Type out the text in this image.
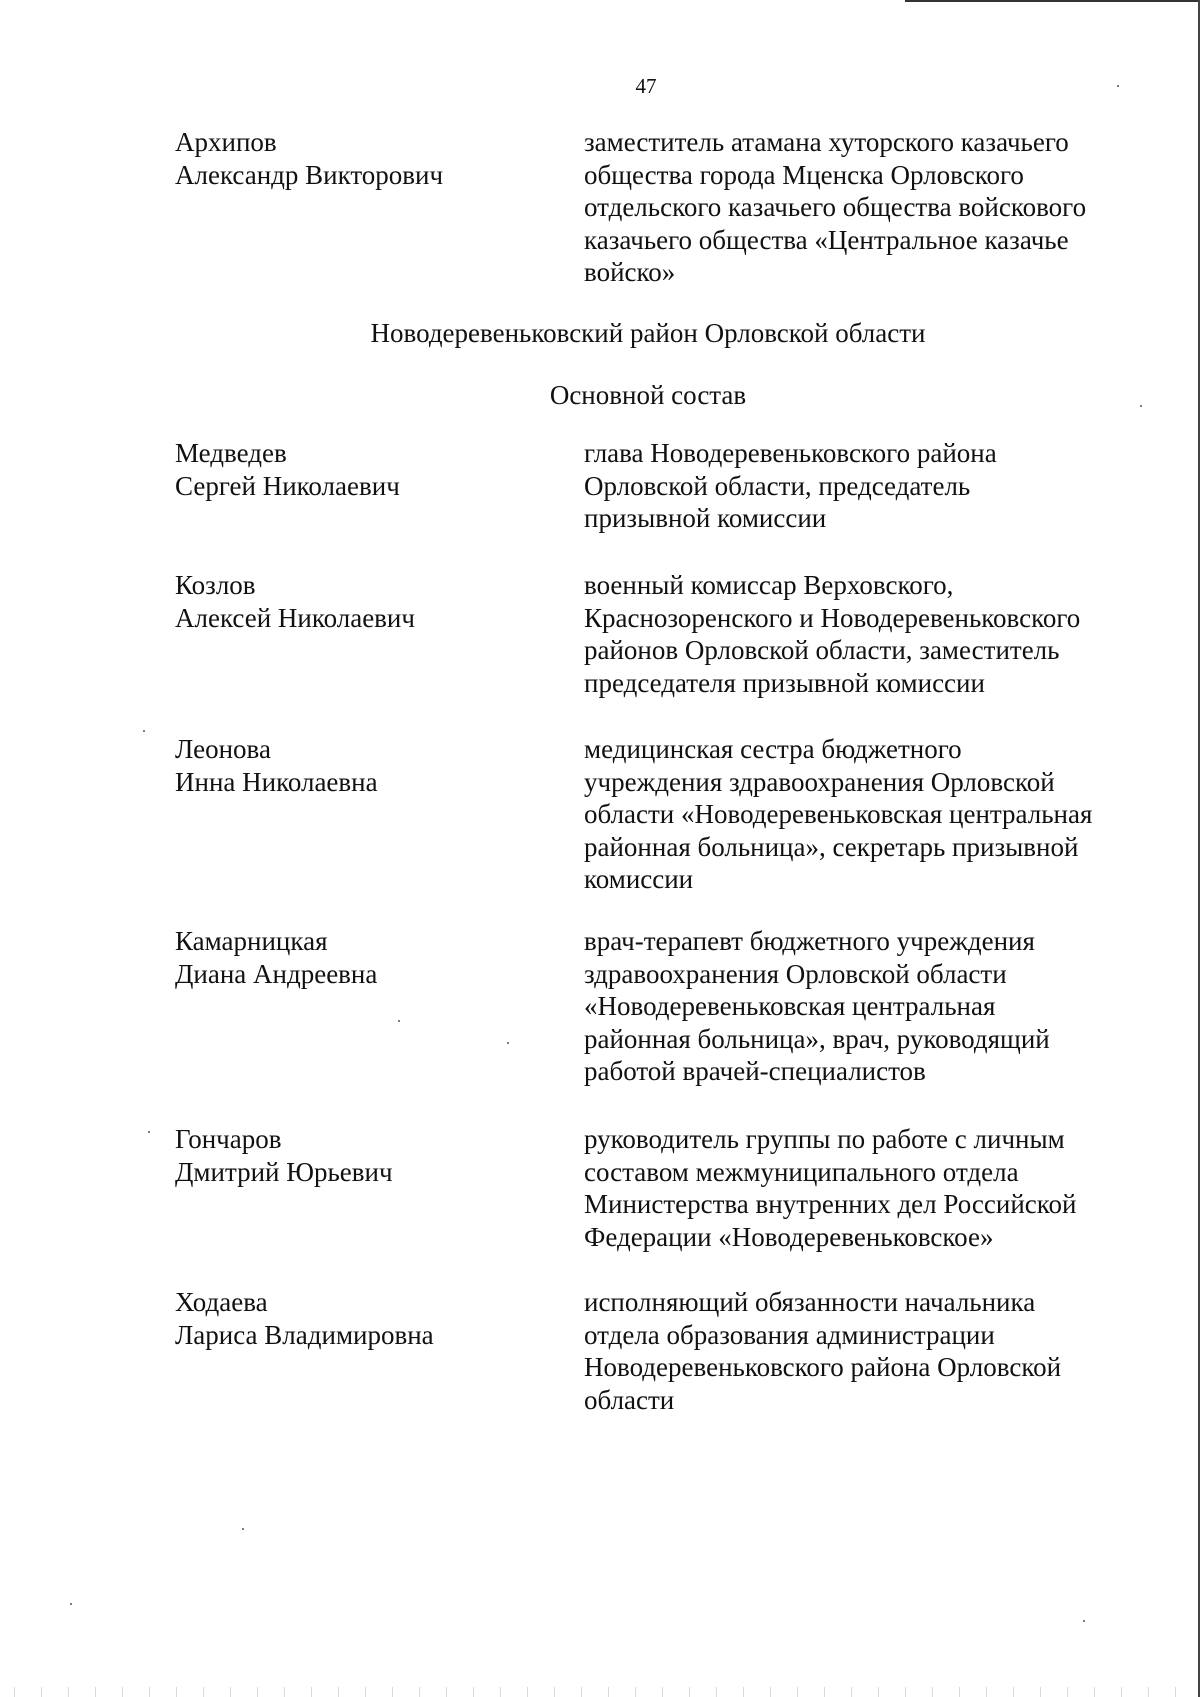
47
Архипов
Александр Викторович
заместитель атамана хуторского казачьего
общества города Мценска Орловского
отдельского казачьего общества войскового
казачьего общества «Центральное казачье
войско»
Новодеревеньковский район Орловской области
Основной состав
Медведев
Сергей Николаевич
глава Новодеревеньковского района
Орловской области, председатель
призывной комиссии
Козлов
Алексей Николаевич
военный комиссар Верховского,
Краснозоренского и Новодеревеньковского
районов Орловской области, заместитель
председателя призывной комиссии
Леонова
Инна Николаевна
медицинская сестра бюджетного
учреждения здравоохранения Орловской
области «Новодеревеньковская центральная
районная больница», секретарь призывной
комиссии
Камарницкая
Диана Андреевна
врач-терапевт бюджетного учреждения
здравоохранения Орловской области
«Новодеревеньковская центральная
районная больница», врач, руководящий
работой врачей-специалистов
Гончаров
Дмитрий Юрьевич
руководитель группы по работе с личным
составом межмуниципального отдела
Министерства внутренних дел Российской
Федерации «Новодеревеньковское»
Ходаева
Лариса Владимировна
исполняющий обязанности начальника
отдела образования администрации
Новодеревеньковского района Орловской
области
